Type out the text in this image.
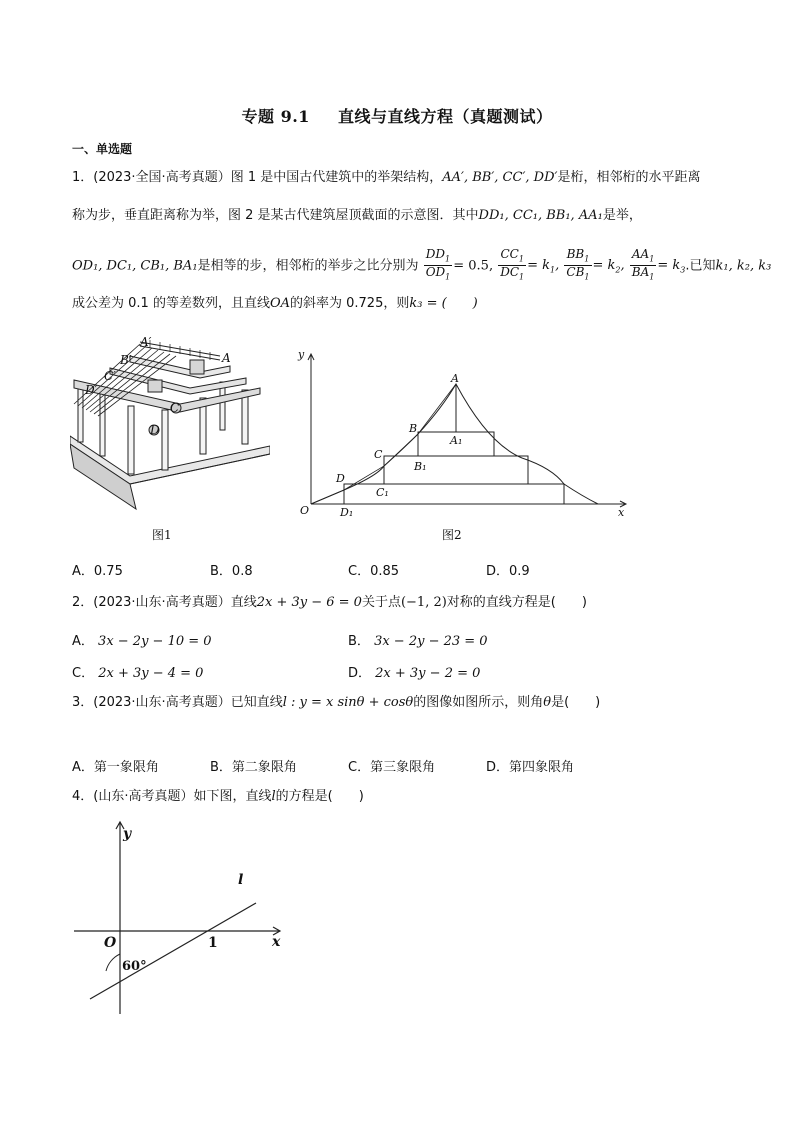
专题 9.1 直线与直线方程（真题测试）
一、单选题
1．(2023·全国·高考真题）图 1 是中国古代建筑中的举架结构，AA′, BB′, CC′, DD′是桁，相邻桁的水平距离
称为步，垂直距离称为举，图 2 是某古代建筑屋顶截面的示意图．其中DD₁, CC₁, BB₁, AA₁是举，
OD₁, DC₁, CB₁, BA₁是相等的步，相邻桁的举步之比分别为 $\frac{DD_1}{OD_1} = 0.5$, $\frac{CC_1}{DC_1} = k_1$, $\frac{BB_1}{CB_1} = k_2$, $\frac{AA_1}{BA_1} = k_3$.已知k₁, k₂, k₃
成公差为 0.1 的等差数列，且直线OA的斜率为 0.725，则k₃ = (　　)
A′
B′
C′
D′
A
C
D
图1
y
x
O
A
B
C
D
A₁
B₁
C₁
D₁
图2
A．0.75	B．0.8	C．0.85	D．0.9
2．(2023·山东·高考真题）直线2x + 3y − 6 = 0关于点(−1, 2)对称的直线方程是(　　)
A． 3x − 2y − 10 = 0	B． 3x − 2y − 23 = 0
C． 2x + 3y − 4 = 0	D． 2x + 3y − 2 = 0
3．(2023·山东·高考真题）已知直线l : y = x sinθ + cosθ的图像如图所示，则角θ是(　　)
A．第一象限角	B．第二象限角	C．第三象限角	D．第四象限角
4．(山东·高考真题）如下图，直线l的方程是(　　)
y
x
O	1
l
60°
